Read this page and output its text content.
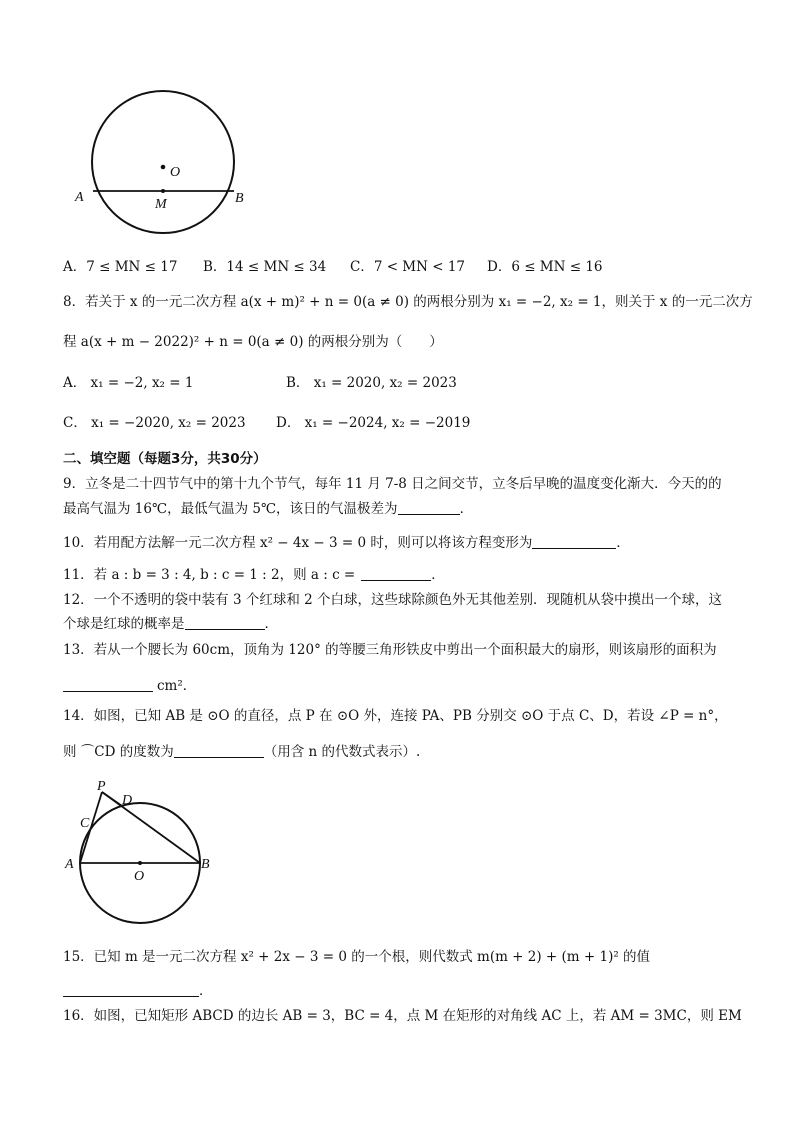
O
A	M	B
A．7 ≤ MN ≤ 17 B．14 ≤ MN ≤ 34 C．7 < MN < 17 D．6 ≤ MN ≤ 16
8．若关于 x 的一元二次方程 a(x + m)² + n = 0(a ≠ 0) 的两根分别为 x₁ = −2, x₂ = 1，则关于 x 的一元二次方
程 a(x + m − 2022)² + n = 0(a ≠ 0) 的两根分别为（　　）
A． x₁ = −2, x₂ = 1	B． x₁ = 2020, x₂ = 2023
C． x₁ = −2020, x₂ = 2023 D． x₁ = −2024, x₂ = −2019
二、填空题（每题3分，共30分）
9．立冬是二十四节气中的第十九个节气，每年 11 月 7-8 日之间交节，立冬后早晚的温度变化渐大．今天的的
最高气温为 16℃，最低气温为 5℃，该日的气温极差为	．
10．若用配方法解一元二次方程 x² − 4x − 3 = 0 时，则可以将该方程变形为	．
11．若 a : b = 3 : 4, b : c = 1 : 2，则 a : c =	．
12．一个不透明的袋中装有 3 个红球和 2 个白球，这些球除颜色外无其他差别．现随机从袋中摸出一个球，这
个球是红球的概率是	．
13．若从一个腰长为 60cm，顶角为 120° 的等腰三角形铁皮中剪出一个面积最大的扇形，则该扇形的面积为
cm²．
14．如图，已知 AB 是 ⊙O 的直径，点 P 在 ⊙O 外，连接 PA、PB 分别交 ⊙O 于点 C、D，若设 ∠P = n°，
则 ⌒CD 的度数为	（用含 n 的代数式表示）.
P
D
C
A	B
O
15．已知 m 是一元二次方程 x² + 2x − 3 = 0 的一个根，则代数式 m(m + 2) + (m + 1)² 的值
．
16．如图，已知矩形 ABCD 的边长 AB = 3，BC = 4，点 M 在矩形的对角线 AC 上，若 AM = 3MC，则 EM
